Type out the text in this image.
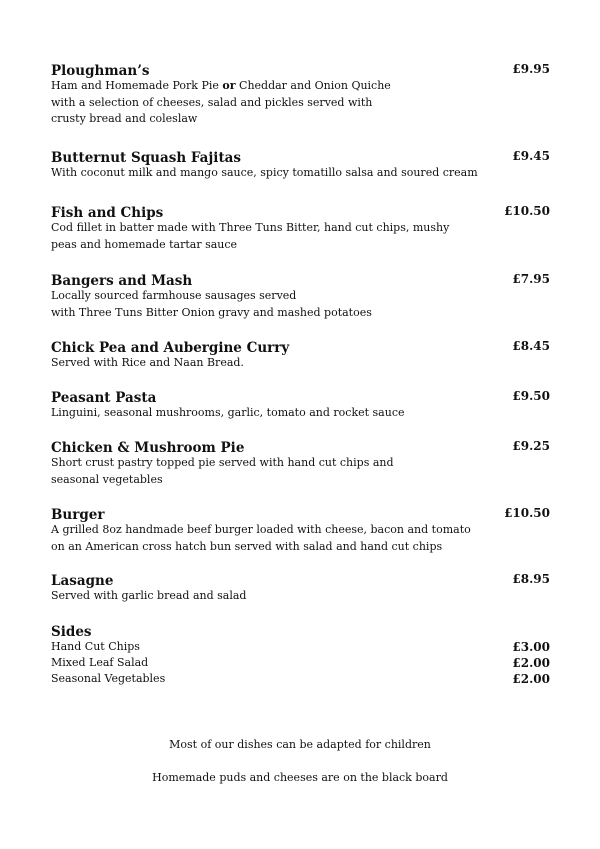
Ploughman’s	£9.95
Ham and Homemade Pork Pie or Cheddar and Onion Quiche
with a selection of cheeses, salad and pickles served with
crusty bread and coleslaw
Butternut Squash Fajitas	£9.45
With coconut milk and mango sauce, spicy tomatillo salsa and soured cream
Fish and Chips	£10.50
Cod fillet in batter made with Three Tuns Bitter, hand cut chips, mushy
peas and homemade tartar sauce
Bangers and Mash	£7.95
Locally sourced farmhouse sausages served
with Three Tuns Bitter Onion gravy and mashed potatoes
Chick Pea and Aubergine Curry	£8.45
Served with Rice and Naan Bread.
Peasant Pasta	£9.50
Linguini, seasonal mushrooms, garlic, tomato and rocket sauce
Chicken & Mushroom Pie	£9.25
Short crust pastry topped pie served with hand cut chips and
seasonal vegetables
Burger	£10.50
A grilled 8oz handmade beef burger loaded with cheese, bacon and tomato
on an American cross hatch bun served with salad and hand cut chips
Lasagne	£8.95
Served with garlic bread and salad
Sides
Hand Cut Chips	£3.00
Mixed Leaf Salad	£2.00
Seasonal Vegetables	£2.00
Most of our dishes can be adapted for children
Homemade puds and cheeses are on the black board
